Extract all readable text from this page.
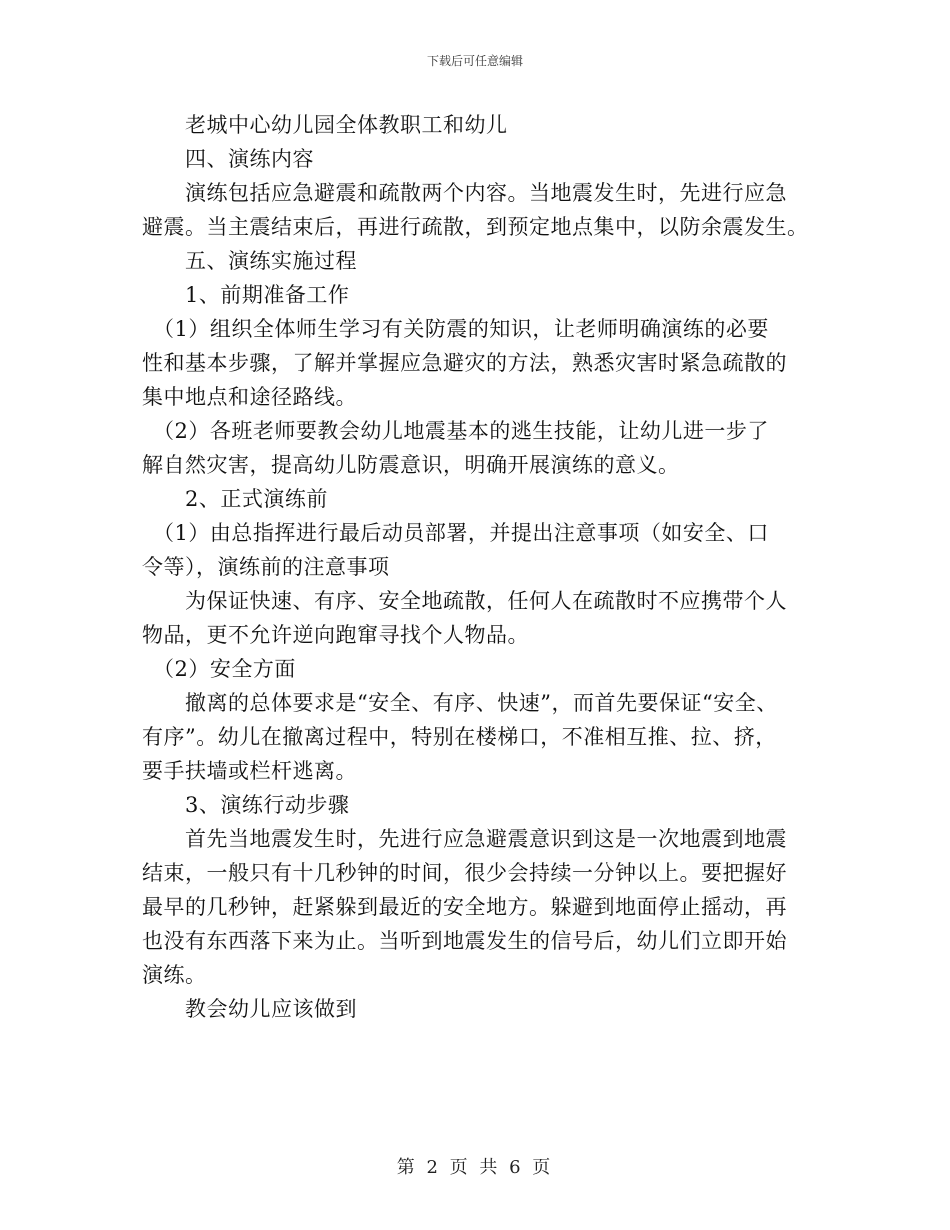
下载后可任意编辑

　　老城中心幼儿园全体教职工和幼儿

　　四、演练内容

　　演练包括应急避震和疏散两个内容。当地震发生时，先进行应急

避震。当主震结束后，再进行疏散，到预定地点集中，以防余震发生。

　　五、演练实施过程

　　1、前期准备工作

　（1）组织全体师生学习有关防震的知识，让老师明确演练的必要

性和基本步骤，了解并掌握应急避灾的方法，熟悉灾害时紧急疏散的

集中地点和途径路线。

　（2）各班老师要教会幼儿地震基本的逃生技能，让幼儿进一步了

解自然灾害，提高幼儿防震意识，明确开展演练的意义。

　　2、正式演练前

　（1）由总指挥进行最后动员部署，并提出注意事项（如安全、口

令等），演练前的注意事项

　　为保证快速、有序、安全地疏散，任何人在疏散时不应携带个人

物品，更不允许逆向跑窜寻找个人物品。

　（2）安全方面

　　撤离的总体要求是“安全、有序、快速”，而首先要保证“安全、

有序”。幼儿在撤离过程中，特别在楼梯口，不准相互推、拉、挤，

要手扶墙或栏杆逃离。

　　3、演练行动步骤

　　首先当地震发生时，先进行应急避震意识到这是一次地震到地震

结束，一般只有十几秒钟的时间，很少会持续一分钟以上。要把握好

最早的几秒钟，赶紧躲到最近的安全地方。躲避到地面停止摇动，再

也没有东西落下来为止。当听到地震发生的信号后，幼儿们立即开始

演练。

　　教会幼儿应该做到

第 2 页 共 6 页
